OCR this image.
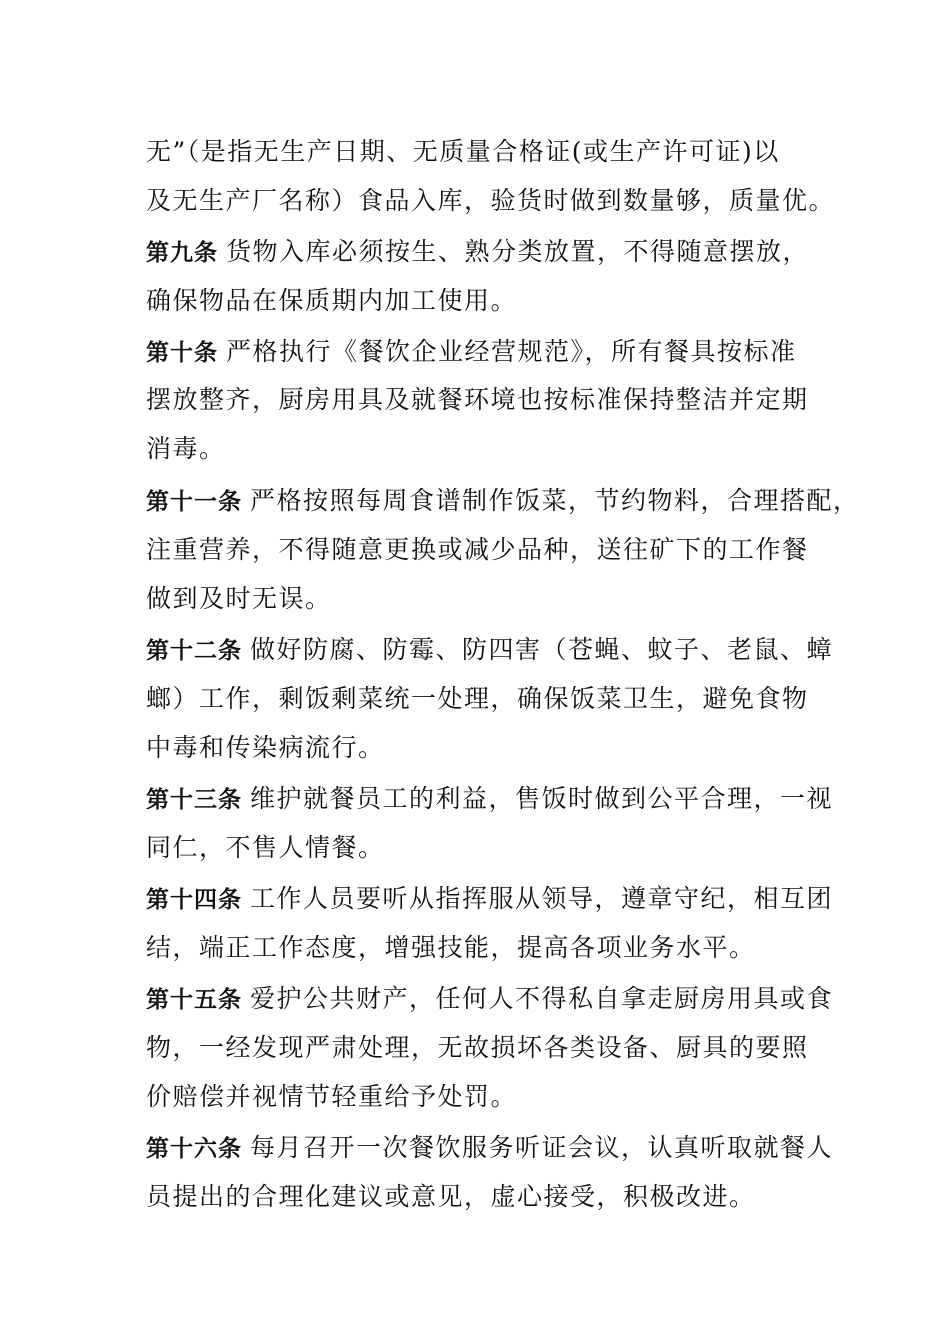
无”（是指无生产日期、无质量合格证(或生产许可证)以

及无生产厂名称）食品入库，验货时做到数量够，质量优。

第九条 货物入库必须按生、熟分类放置，不得随意摆放，

确保物品在保质期内加工使用。

第十条 严格执行《餐饮企业经营规范》，所有餐具按标准

摆放整齐，厨房用具及就餐环境也按标准保持整洁并定期

消毒。

第十一条 严格按照每周食谱制作饭菜，节约物料，合理搭配，

注重营养，不得随意更换或减少品种，送往矿下的工作餐

做到及时无误。

第十二条 做好防腐、防霉、防四害（苍蝇、蚊子、老鼠、蟑

螂）工作，剩饭剩菜统一处理，确保饭菜卫生，避免食物

中毒和传染病流行。

第十三条 维护就餐员工的利益，售饭时做到公平合理，一视

同仁，不售人情餐。

第十四条 工作人员要听从指挥服从领导，遵章守纪，相互团

结，端正工作态度，增强技能，提高各项业务水平。

第十五条 爱护公共财产，任何人不得私自拿走厨房用具或食

物，一经发现严肃处理，无故损坏各类设备、厨具的要照

价赔偿并视情节轻重给予处罚。

第十六条 每月召开一次餐饮服务听证会议，认真听取就餐人

员提出的合理化建议或意见，虚心接受，积极改进。
